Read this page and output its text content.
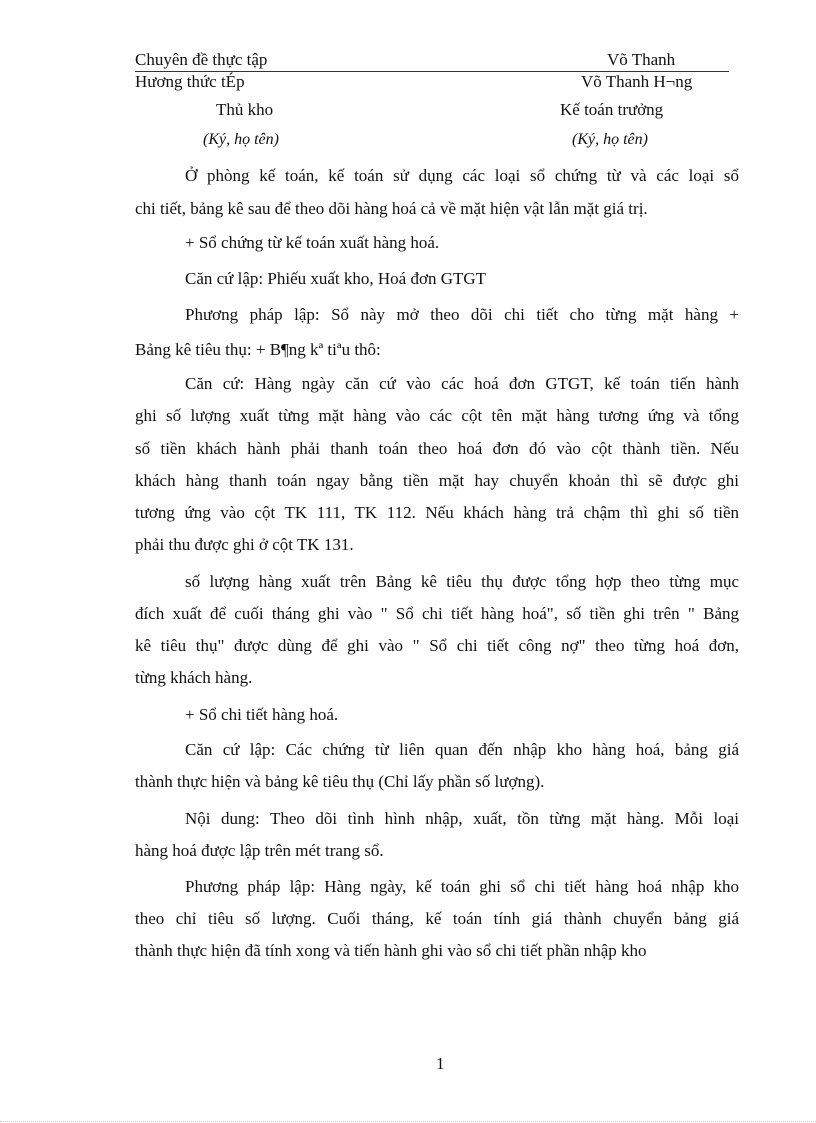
Chuyên đề thực tập	Võ Thanh
Hương thức tÉp	Võ Thanh H¬ng
Thủ kho	Kế toán trưởng
(Ký, họ tên)	(Ký, họ tên)
Ở phòng kế toán, kế toán sử dụng các loại sổ chứng từ và các loại sổ
chi tiết, bảng kê sau để theo dõi hàng hoá cả về mặt hiện vật lẫn mặt giá trị.
+ Sổ chứng từ kế toán xuất hàng hoá.
Căn cứ lập: Phiếu xuất kho, Hoá đơn GTGT
Phương pháp lập: Sổ này mở theo dõi chi tiết cho từng mặt hàng +
Bảng kê tiêu thụ: + B¶ng kª tiªu thô:
Căn cứ: Hàng ngày căn cứ vào các hoá đơn GTGT, kế toán tiến hành
ghi số lượng xuất từng mặt hàng vào các cột tên mặt hàng tương ứng và tổng
số tiền khách hành phải thanh toán theo hoá đơn đó vào cột thành tiền. Nếu
khách hàng thanh toán ngay bằng tiền mặt hay chuyển khoản thì sẽ được ghi
tương ứng vào cột TK 111, TK 112. Nếu khách hàng trả chậm thì ghi số tiền
phải thu được ghi ở cột TK 131.
số lượng hàng xuất trên Bảng kê tiêu thụ được tổng hợp theo từng mục
đích xuất để cuối tháng ghi vào " Sổ chi tiết hàng hoá", số tiền ghi trên " Bảng
kê tiêu thụ" được dùng để ghi vào " Sổ chi tiết công nợ" theo từng hoá đơn,
từng khách hàng.
+ Sổ chi tiết hàng hoá.
Căn cứ lập: Các chứng từ liên quan đến nhập kho hàng hoá, bảng giá
thành thực hiện và bảng kê tiêu thụ (Chỉ lấy phần số lượng).
Nội dung: Theo dõi tình hình nhập, xuất, tồn từng mặt hàng. Mỗi loại
hàng hoá được lập trên mét trang sổ.
Phương pháp lập: Hàng ngày, kế toán ghi sổ chi tiết hàng hoá nhập kho
theo chỉ tiêu số lượng. Cuối tháng, kế toán tính giá thành chuyển bảng giá
thành thực hiện đã tính xong và tiến hành ghi vào sổ chi tiết phần nhập kho
1
